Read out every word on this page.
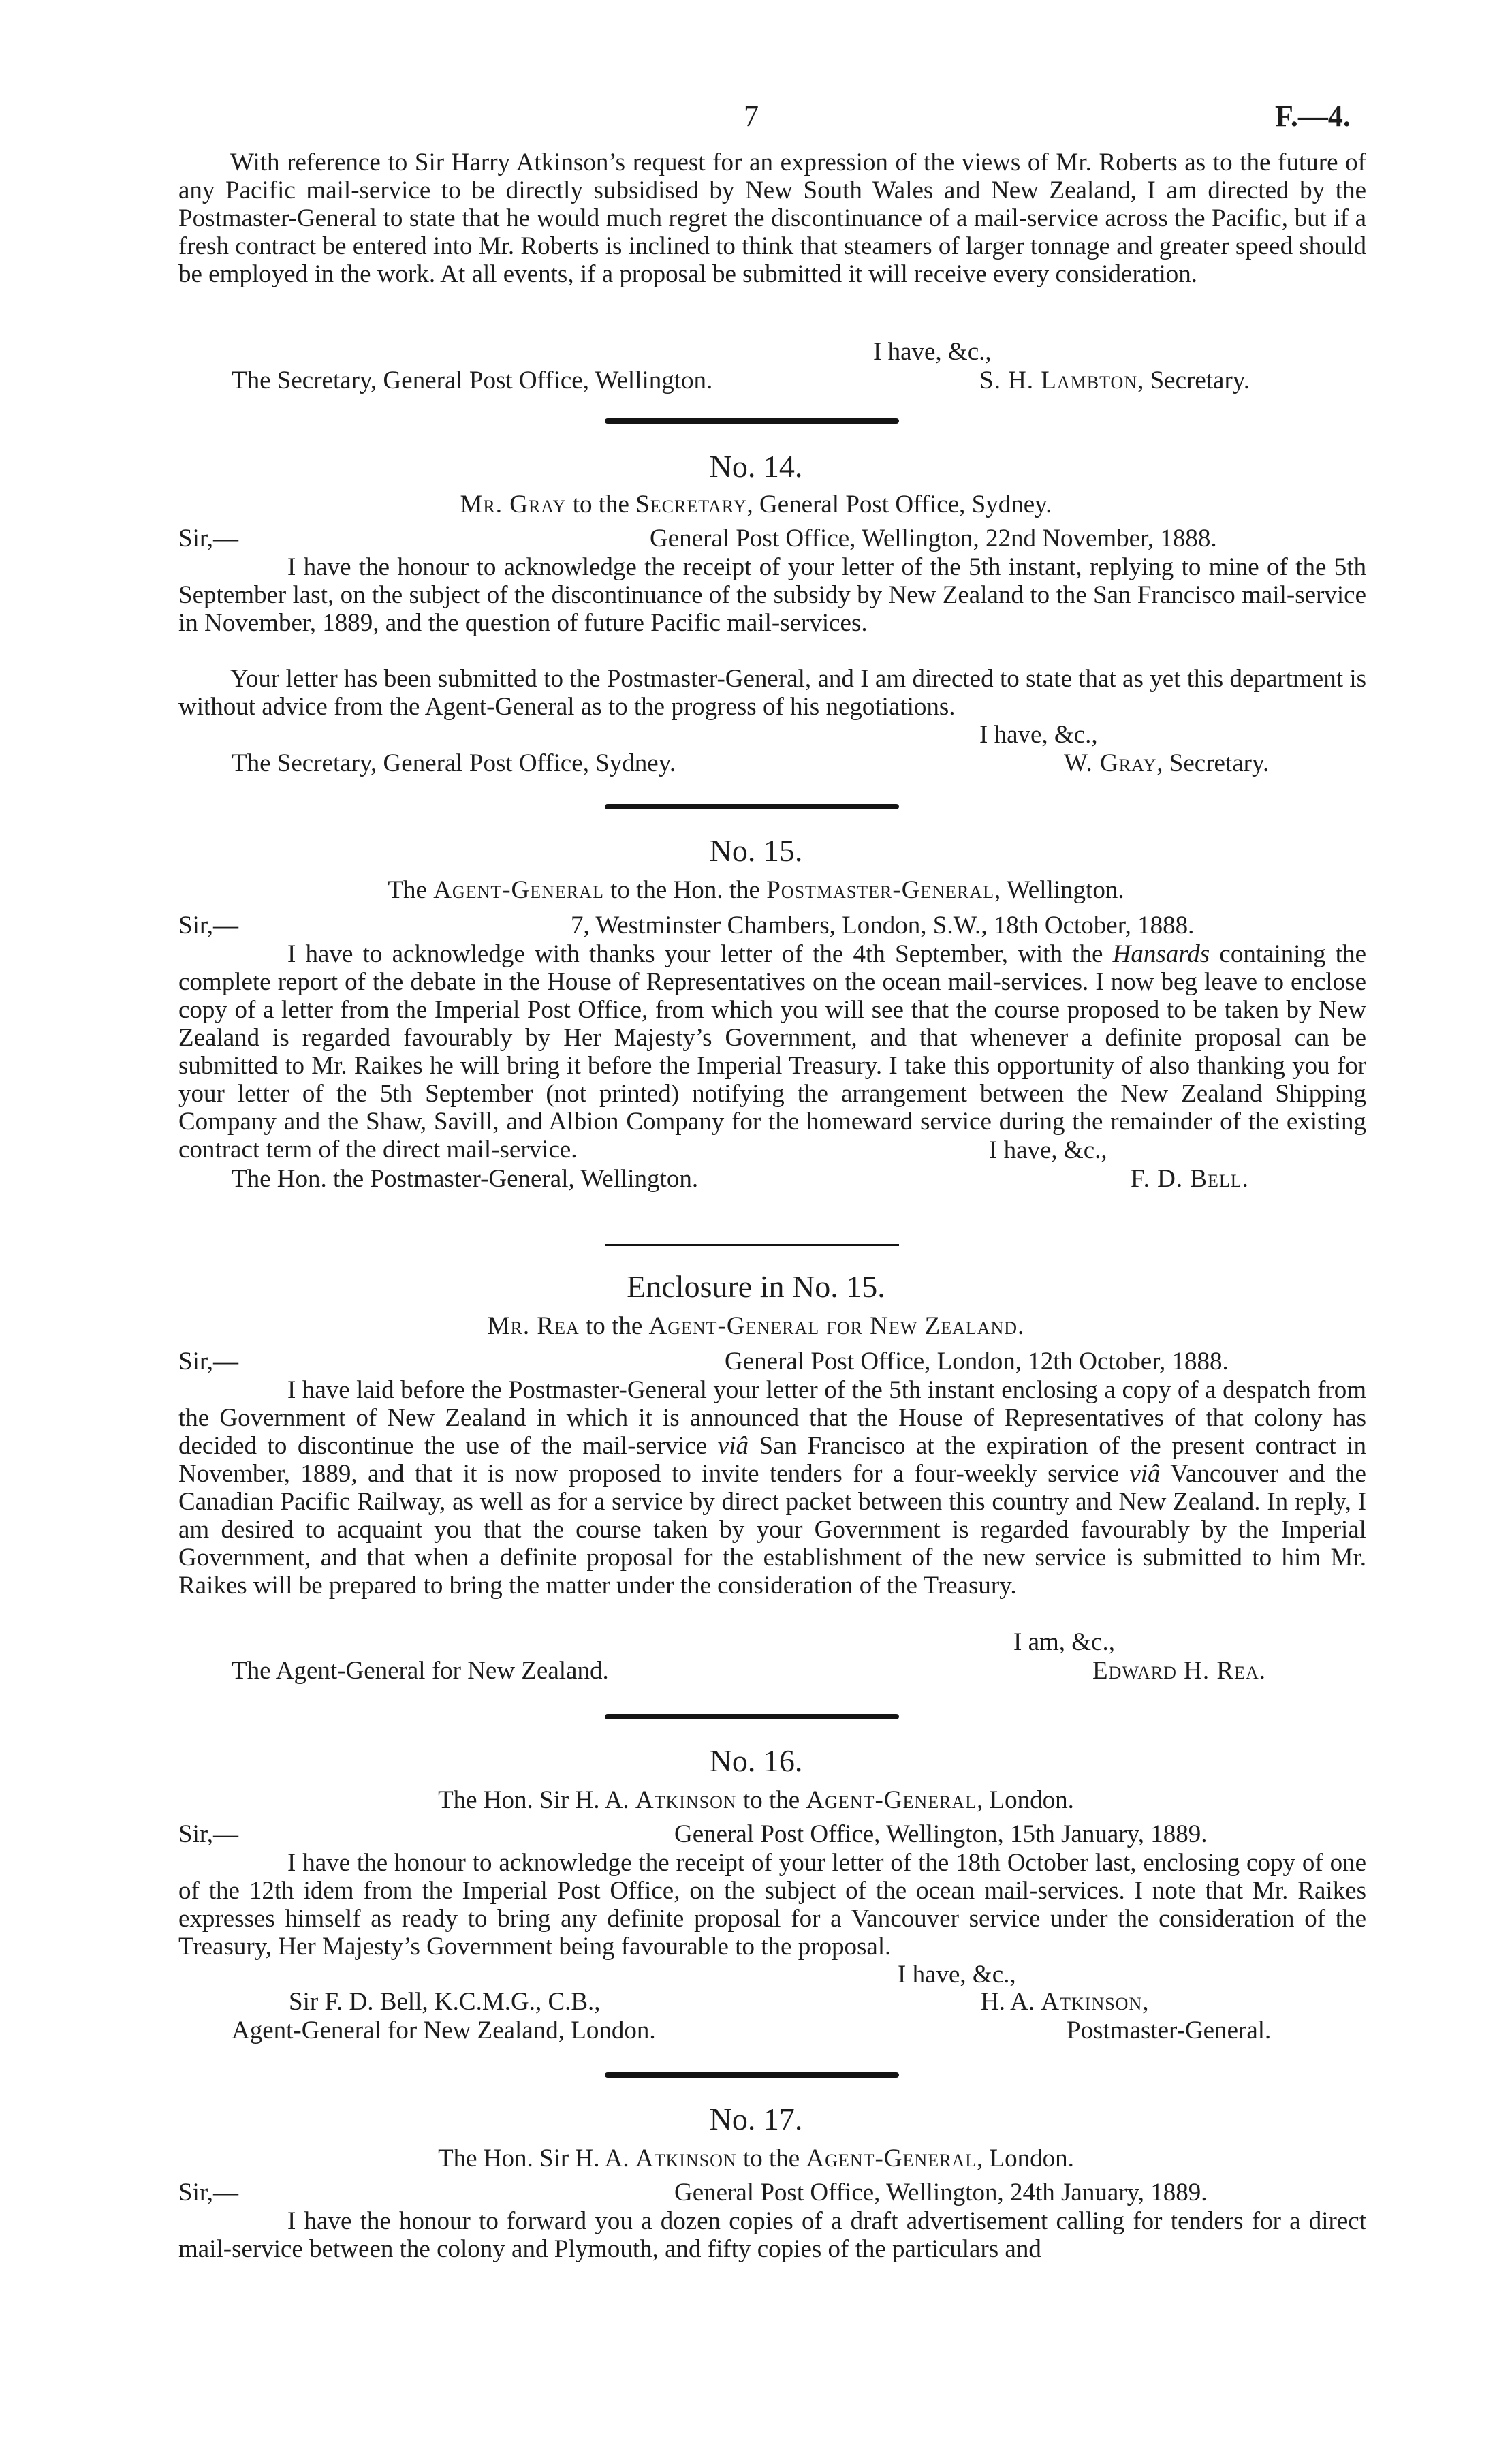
7	F.—4.
With reference to Sir Harry Atkinson’s request for an expression of the views of Mr. Roberts as to the future of any Pacific mail-service to be directly subsidised by New South Wales and New Zealand, I am directed by the Postmaster-General to state that he would much regret the discontinuance of a mail-service across the Pacific, but if a fresh contract be entered into Mr. Roberts is inclined to think that steamers of larger tonnage and greater speed should be employed in the work. At all events, if a proposal be submitted it will receive every consideration.
I have, &c.,
The Secretary, General Post Office, Wellington.	S. H. Lambton, Secretary.
No. 14.
Mr. Gray to the Secretary, General Post Office, Sydney.
Sir,—	General Post Office, Wellington, 22nd November, 1888.
I have the honour to acknowledge the receipt of your letter of the 5th instant, replying to mine of the 5th September last, on the subject of the discontinuance of the subsidy by New Zealand to the San Francisco mail-service in November, 1889, and the question of future Pacific mail-services.
Your letter has been submitted to the Postmaster-General, and I am directed to state that as yet this department is without advice from the Agent-General as to the progress of his negotiations.
I have, &c.,
The Secretary, General Post Office, Sydney.	W. Gray, Secretary.
No. 15.
The Agent-General to the Hon. the Postmaster-General, Wellington.
Sir,—	7, Westminster Chambers, London, S.W., 18th October, 1888.
I have to acknowledge with thanks your letter of the 4th September, with the Hansards containing the complete report of the debate in the House of Representatives on the ocean mail-services. I now beg leave to enclose copy of a letter from the Imperial Post Office, from which you will see that the course proposed to be taken by New Zealand is regarded favourably by Her Majesty’s Government, and that whenever a definite proposal can be submitted to Mr. Raikes he will bring it before the Imperial Treasury. I take this opportunity of also thanking you for your letter of the 5th September (not printed) notifying the arrangement between the New Zealand Shipping Company and the Shaw, Savill, and Albion Company for the homeward service during the remainder of the existing contract term of the direct mail-service.	I have, &c.,
The Hon. the Postmaster-General, Wellington.	F. D. Bell.
Enclosure in No. 15.
Mr. Rea to the Agent-General for New Zealand.
Sir,—	General Post Office, London, 12th October, 1888.
I have laid before the Postmaster-General your letter of the 5th instant enclosing a copy of a despatch from the Government of New Zealand in which it is announced that the House of Representatives of that colony has decided to discontinue the use of the mail-service viâ San Francisco at the expiration of the present contract in November, 1889, and that it is now proposed to invite tenders for a four-weekly service viâ Vancouver and the Canadian Pacific Railway, as well as for a service by direct packet between this country and New Zealand. In reply, I am desired to acquaint you that the course taken by your Government is regarded favourably by the Imperial Government, and that when a definite proposal for the establishment of the new service is submitted to him Mr. Raikes will be prepared to bring the matter under the consideration of the Treasury.
I am, &c.,
The Agent-General for New Zealand.	Edward H. Rea.
No. 16.
The Hon. Sir H. A. Atkinson to the Agent-General, London.
Sir,—	General Post Office, Wellington, 15th January, 1889.
I have the honour to acknowledge the receipt of your letter of the 18th October last, enclosing copy of one of the 12th idem from the Imperial Post Office, on the subject of the ocean mail-services. I note that Mr. Raikes expresses himself as ready to bring any definite proposal for a Vancouver service under the consideration of the Treasury, Her Majesty’s Government being favourable to the proposal.
I have, &c.,
Sir F. D. Bell, K.C.M.G., C.B.,	H. A. Atkinson,
Agent-General for New Zealand, London.	Postmaster-General.
No. 17.
The Hon. Sir H. A. Atkinson to the Agent-General, London.
Sir,—	General Post Office, Wellington, 24th January, 1889.
I have the honour to forward you a dozen copies of a draft advertisement calling for tenders for a direct mail-service between the colony and Plymouth, and fifty copies of the particulars and
